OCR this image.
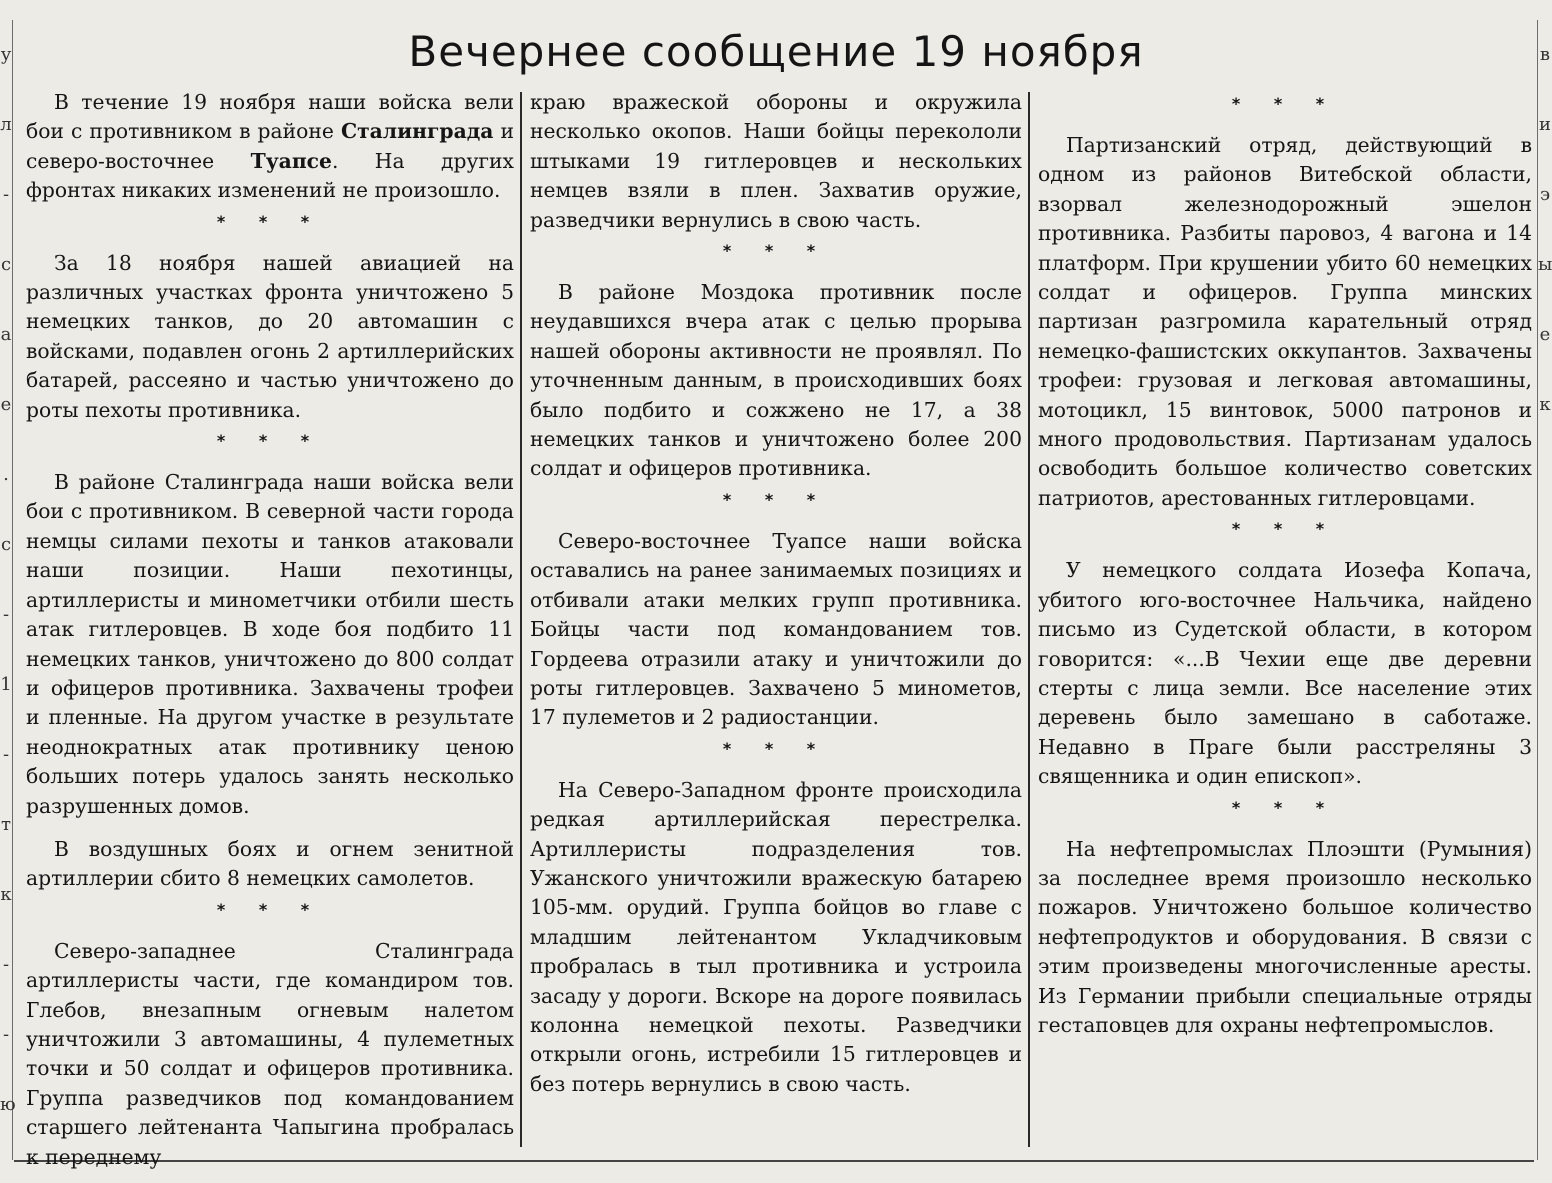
у л - с а е . с - 1 - т к - - ю
в и э ы е к
Вечернее сообщение 19 ноября

В течение 19 ноября наши войска вели бои с противником в районе Сталинграда и северо-восточнее Туапсе. На других фронтах никаких изменений не произошло.

* * *

За 18 ноября нашей авиацией на различных участках фронта уничтожено 5 немецких танков, до 20 автомашин с войсками, подавлен огонь 2 артиллерийских батарей, рассеяно и частью уничтожено до роты пехоты противника.

* * *

В районе Сталинграда наши войска вели бои с противником. В северной части города немцы силами пехоты и танков атаковали наши позиции. Наши пехотинцы, артиллеристы и минометчики отбили шесть атак гитлеровцев. В ходе боя подбито 11 немецких танков, уничтожено до 800 солдат и офицеров противника. Захвачены трофеи и пленные. На другом участке в результате неоднократных атак противнику ценою больших потерь удалось занять несколько разрушенных домов.

В воздушных боях и огнем зенитной артиллерии сбито 8 немецких самолетов.

* * *

Северо-западнее Сталинграда артиллеристы части, где командиром тов. Глебов, внезапным огневым налетом уничтожили 3 автомашины, 4 пулеметных точки и 50 солдат и офицеров противника. Группа разведчиков под командованием старшего лейтенанта Чапыгина пробралась к переднему

краю вражеской обороны и окружила несколько окопов. Наши бойцы перекололи штыками 19 гитлеровцев и нескольких немцев взяли в плен. Захватив оружие, разведчики вернулись в свою часть.

* * *

В районе Моздока противник после неудавшихся вчера атак с целью прорыва нашей обороны активности не проявлял. По уточненным данным, в происходивших боях было подбито и сожжено не 17, а 38 немецких танков и уничтожено более 200 солдат и офицеров противника.

* * *

Северо-восточнее Туапсе наши войска оставались на ранее занимаемых позициях и отбивали атаки мелких групп противника. Бойцы части под командованием тов. Гордеева отразили атаку и уничтожили до роты гитлеровцев. Захвачено 5 минометов, 17 пулеметов и 2 радиостанции.

* * *

На Северо-Западном фронте происходила редкая артиллерийская перестрелка. Артиллеристы подразделения тов. Ужанского уничтожили вражескую батарею 105-мм. орудий. Группа бойцов во главе с младшим лейтенантом Укладчиковым пробралась в тыл противника и устроила засаду у дороги. Вскоре на дороге появилась колонна немецкой пехоты. Разведчики открыли огонь, истребили 15 гитлеровцев и без потерь вернулись в свою часть.

* * *

Партизанский отряд, действующий в одном из районов Витебской области, взорвал железнодорожный эшелон противника. Разбиты паровоз, 4 вагона и 14 платформ. При крушении убито 60 немецких солдат и офицеров. Группа минских партизан разгромила карательный отряд немецко-фашистских оккупантов. Захвачены трофеи: грузовая и легковая автомашины, мотоцикл, 15 винтовок, 5000 патронов и много продовольствия. Партизанам удалось освободить большое количество советских патриотов, арестованных гитлеровцами.

* * *

У немецкого солдата Иозефа Копача, убитого юго-восточнее Нальчика, найдено письмо из Судетской области, в котором говорится: «...В Чехии еще две деревни стерты с лица земли. Все население этих деревень было замешано в саботаже. Недавно в Праге были расстреляны 3 священника и один епископ».

* * *

На нефтепромыслах Плоэшти (Румыния) за последнее время произошло несколько пожаров. Уничтожено большое количество нефтепродуктов и оборудования. В связи с этим произведены многочисленные аресты. Из Германии прибыли специальные отряды гестаповцев для охраны нефтепромыслов.
